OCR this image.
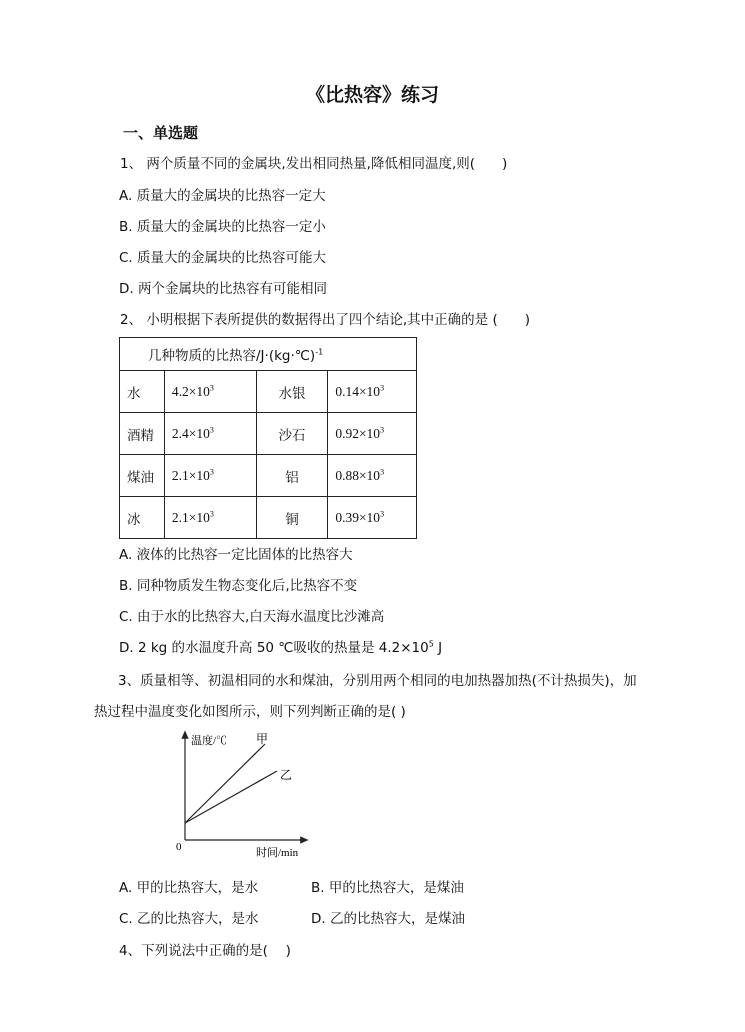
《比热容》练习
一、单选题
1、 两个质量不同的金属块,发出相同热量,降低相同温度,则(　　)
A. 质量大的金属块的比热容一定大
B. 质量大的金属块的比热容一定小
C. 质量大的金属块的比热容可能大
D. 两个金属块的比热容有可能相同
2、 小明根据下表所提供的数据得出了四个结论,其中正确的是 (　　)
几种物质的比热容/J·(kg·℃)$^{-1}$
水	$4.2\times 10^3$	水银	$0.14\times 10^3$
酒精	$2.4\times 10^3$	沙石	$0.92\times 10^3$
煤油	$2.1\times 10^3$	铝	$0.88\times 10^3$
冰	$2.1\times 10^3$	铜	$0.39\times 10^3$
A. 液体的比热容一定比固体的比热容大
B. 同种物质发生物态变化后,比热容不变
C. 由于水的比热容大,白天海水温度比沙滩高
D. 2 kg 的水温度升高 50 ℃吸收的热量是 $4.2\times 10^5$ J
3、质量相等、初温相同的水和煤油，分别用两个相同的电加热器加热(不计热损失)，加
热过程中温度变化如图所示，则下列判断正确的是( )
温度/℃
时间/min
0
甲
乙
A. 甲的比热容大，是水	B. 甲的比热容大，是煤油
C. 乙的比热容大，是水	D. 乙的比热容大，是煤油
4、下列说法中正确的是(　 )
